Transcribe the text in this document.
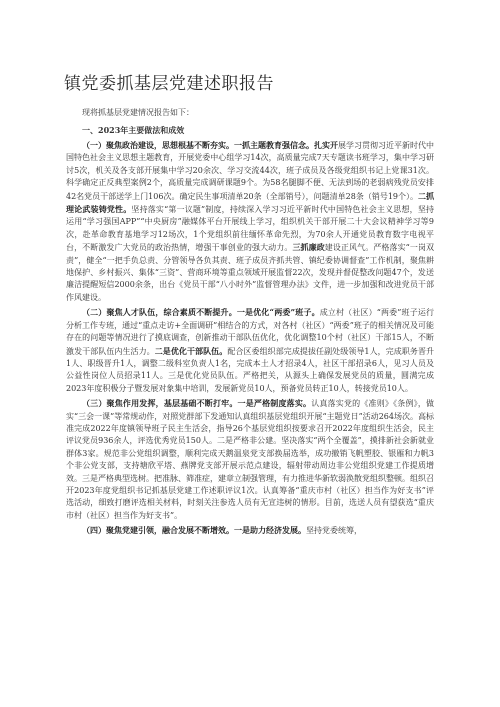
镇党委抓基层党建述职报告

现将抓基层党建情况报告如下：

一、2023年主要做法和成效

（一）聚焦政治建设，思想根基不断夯实。一抓主题教育强信念。扎实开展学习贯彻习近平新时代中国特色社会主义思想主题教育，开展党委中心组学习14次，高质量完成7天专题读书班学习，集中学习研讨5次，机关及各支部开展集中学习20余次、学习交流44次，班子成员及各级党组织书记上党课31次。科学确定正反典型案例2个，高质量完成调研课题9个。为58名腿脚不便、无法到场的老弱病残党员安排42名党员干部送学上门106次。确定民生事项清单20条（全部销号），问题清单28条（销号19个）。二抓理论武装铸党性。坚持落实“第一议题”制度，持续深入学习习近平新时代中国特色社会主义思想，坚持运用“学习强国APP”“中央厨房”融媒体平台开展线上学习，组织机关干部开展二十大会议精神学习等9次，赴革命教育基地学习12场次，1个党组织前往缅怀革命先烈，为70余人开通党员教育数字电视平台，不断激发广大党员的政治热情，增强干事创业的强大动力。三抓廉政建设正风气。严格落实“一岗双责”，健全“一把手负总责、分管领导各负其责、班子成员齐抓共管、镇纪委协调督查”工作机制，聚焦耕地保护、乡村振兴、集体“三资”、营商环境等重点领域开展监督22次，发现并督促整改问题47个，发送廉洁提醒短信2000余条，出台《党员干部“八小时外”监督管理办法》文件，进一步加强和改进党员干部作风建设。

（二）聚焦人才队伍，综合素质不断提升。一是优化“两委”班子。成立村（社区）“两委”班子运行分析工作专班，通过“重点走访+全面调研”相结合的方式，对各村（社区）“两委”班子的相关情况及可能存在的问题等情况进行了摸底调查，创新推动干部队伍优化，优化调整10个村（社区）干部15人，不断激发干部队伍内生活力。二是优化干部队伍。配合区委组织部完成提拔任副处级领导1人，完成职务晋升1人、职级晋升1人，调整二级科室负责人1名，完成本土人才招录4人，社区干部招录6人，见习人员及公益性岗位人员招录11人。三是优化党员队伍。严格把关，从源头上确保发展党员的质量，圆满完成2023年度积极分子暨发展对象集中培训，发展新党员10人，预备党员转正10人，转接党员10人。

（三）聚焦作用发挥，基层基础不断打牢。一是严格制度落实。认真落实党的《准则》《条例》，做实“三会一课”等常规动作，对照党群部下发通知认真组织基层党组织开展“主题党日”活动264场次。高标准完成2022年度镇领导班子民主生活会，指导26个基层党组织按要求召开2022年度组织生活会，民主评议党员936余人，评选优秀党员150人。二是严格非公建。坚决落实“两个全覆盖”，摸排新社会新就业群体3家。规范非公党组织调整，顺利完成天鹅温泉党支部换届选举，成功撤销飞帆塑胶、银雁和力帆3个非公党支部，支持塘欣平塔、燕牌党支部开展示范点建设，辐射带动周边非公党组织党建工作提质增效。三是严格典型选树。把准脉、筛准症，建章立制强管理，有力推进华新软弱涣散党组织整顿。组织召开2023年度党组织书记抓基层党建工作述职评议1次。认真筹备“重庆市村（社区）担当作为好支书”评选活动，细致打磨评选相关材料，时刻关注参选人员有无宣违树的情形。目前，选送人员有望获选“重庆市村（社区）担当作为好支书”。

（四）聚焦党建引领，融合发展不断增效。一是助力经济发展。坚持党委统筹，
